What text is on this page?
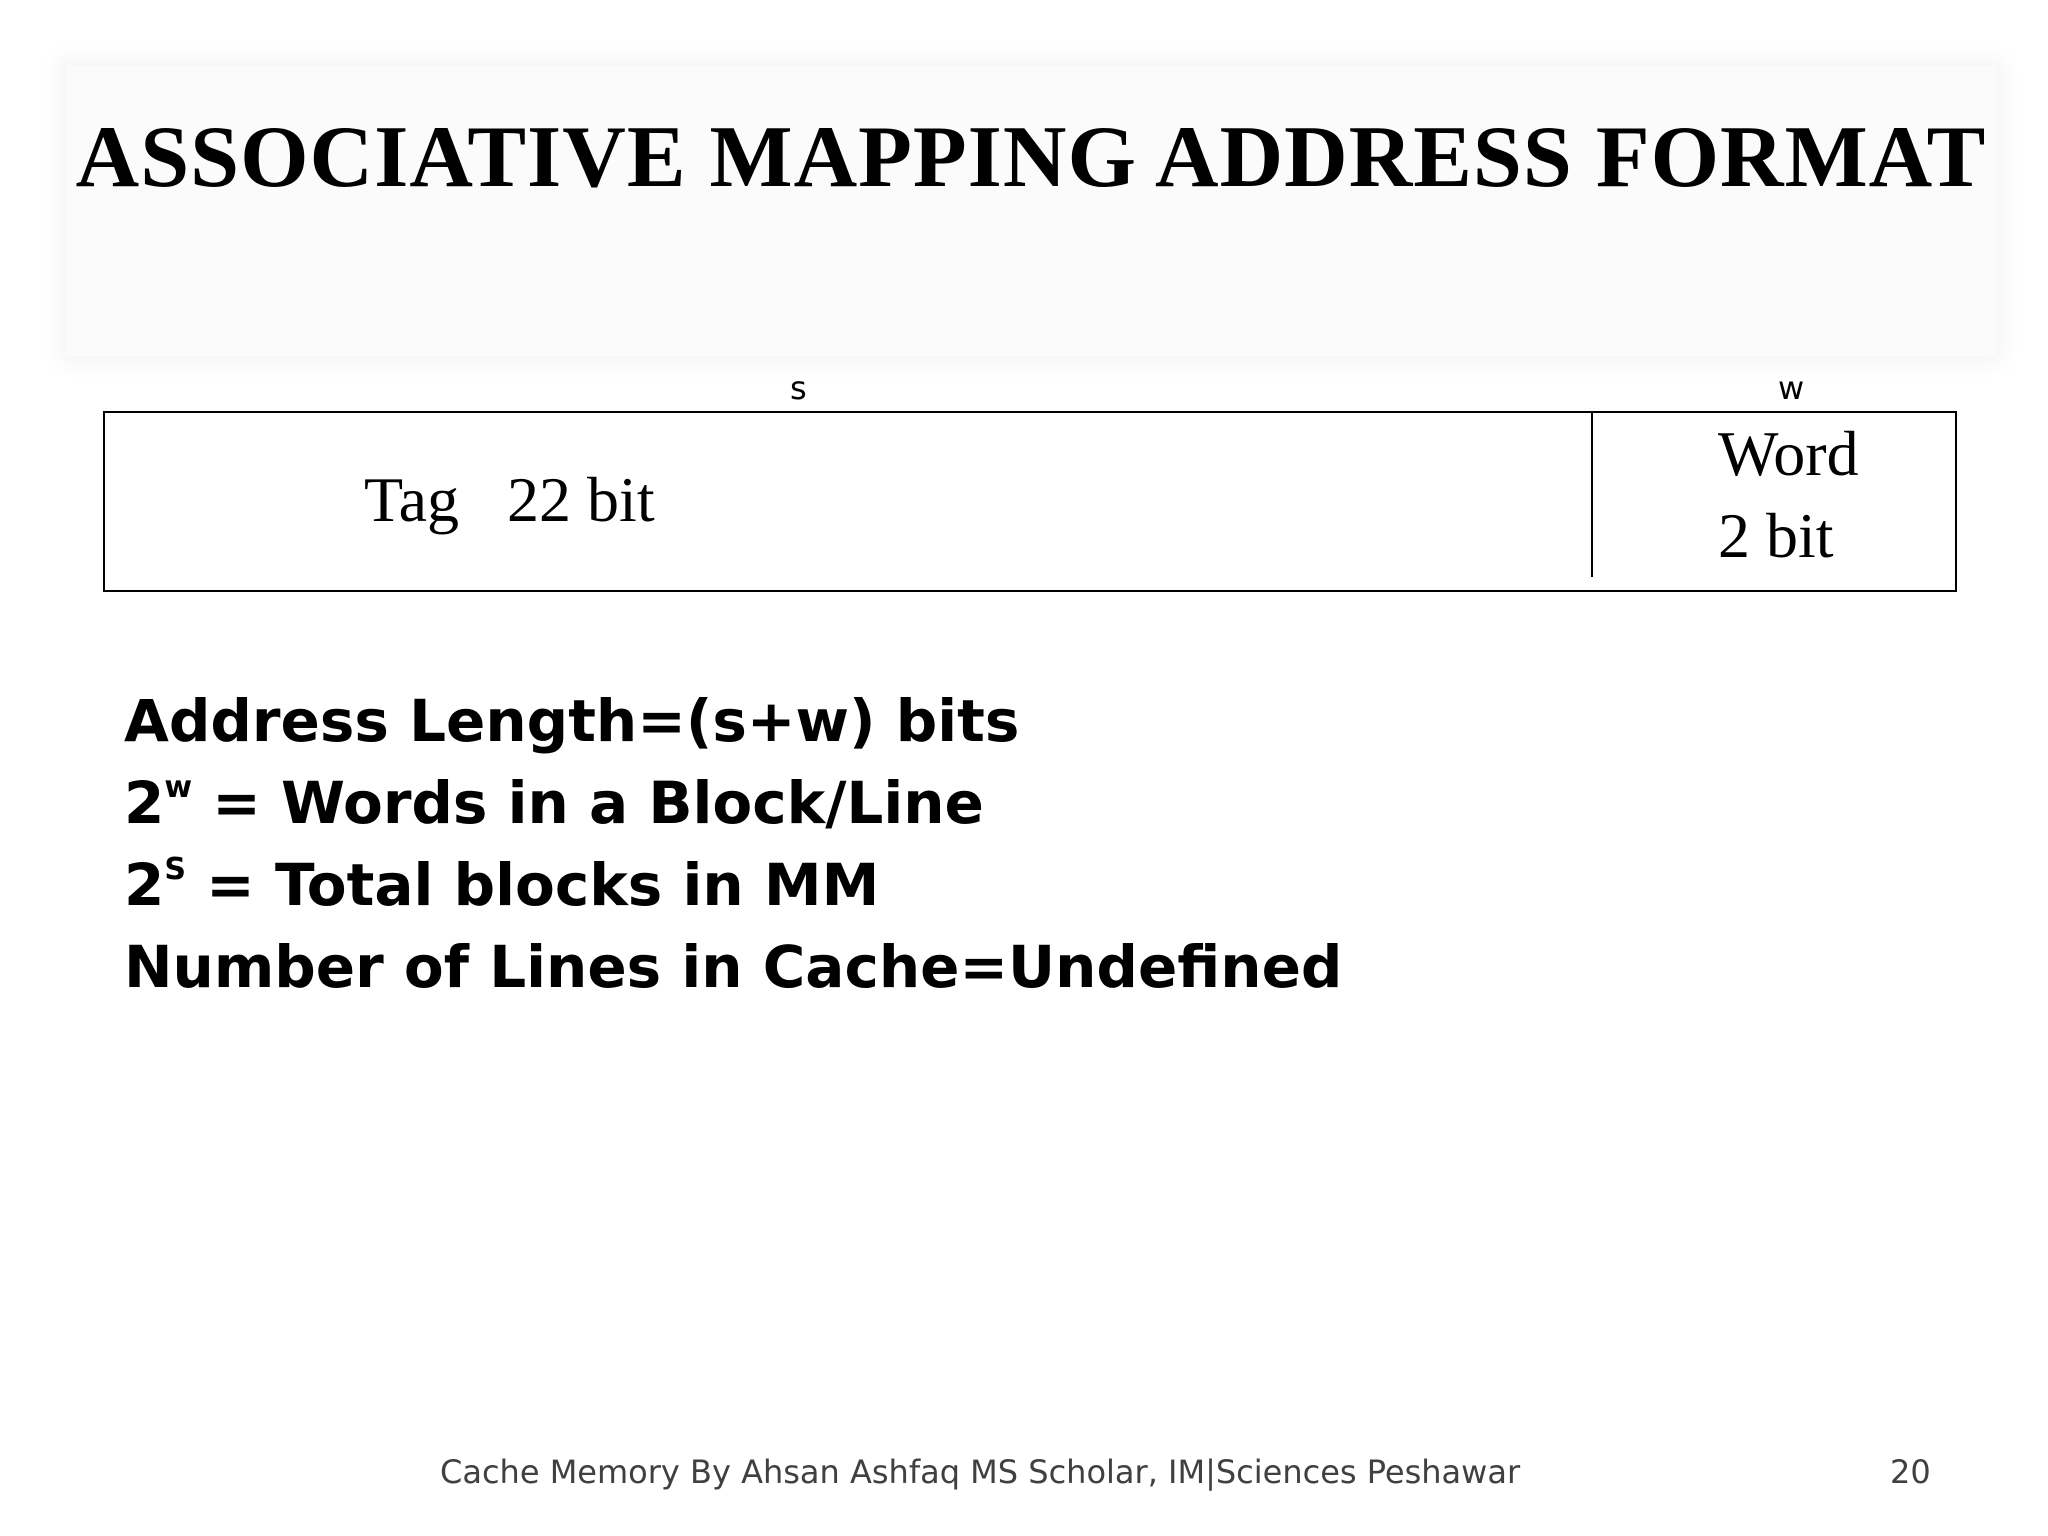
ASSOCIATIVE MAPPING ADDRESS FORMAT
s	w
Tag   22 bit
Word
2 bit
Address Length=(s+w) bits
$2^w$ = Words in a Block/Line
$2^S$ = Total blocks in MM
Number of Lines in Cache=Undefined
Cache Memory By Ahsan Ashfaq MS Scholar, IM|Sciences Peshawar	20
